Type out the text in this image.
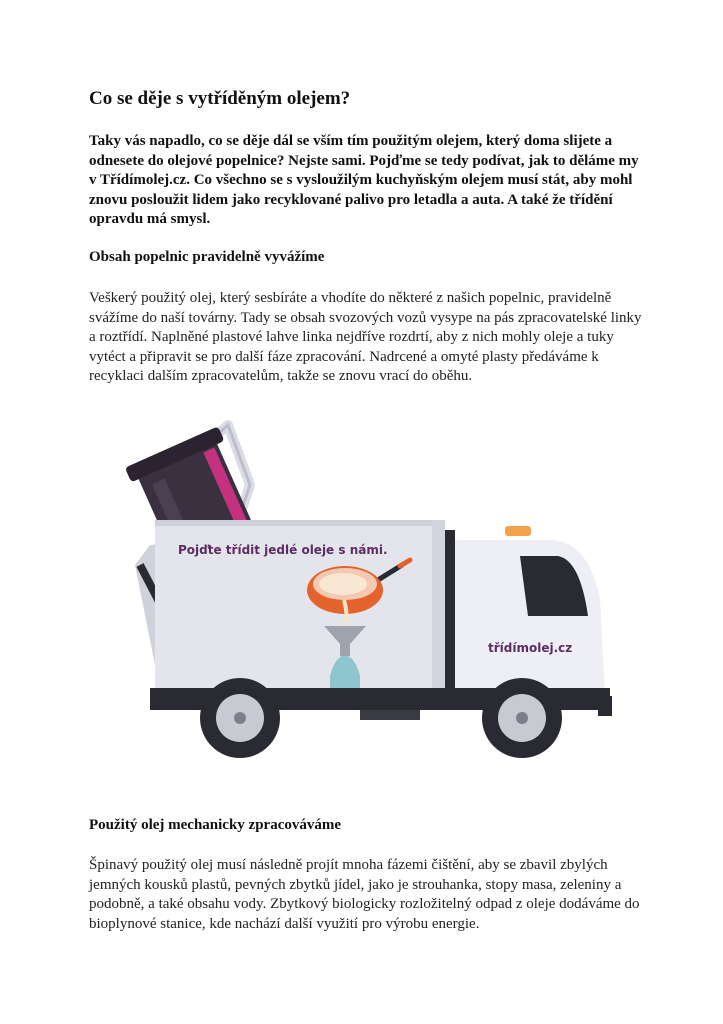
Co se děje s vytříděným olejem?

Taky vás napadlo, co se děje dál se vším tím použitým olejem, který doma slijete a odnesete do olejové popelnice? Nejste sami. Pojďme se tedy podívat, jak to děláme my v Třídímolej.cz. Co všechno se s vysloužilým kuchyňským olejem musí stát, aby mohl znovu posloužit lidem jako recyklované palivo pro letadla a auta. A také že třídění opravdu má smysl.

Obsah popelnic pravidelně vyvážíme

Veškerý použitý olej, který sesbíráte a vhodíte do některé z našich popelnic, pravidelně svážíme do naší továrny. Tady se obsah svozových vozů vysype na pás zpracovatelské linky a roztřídí. Naplněné plastové lahve linka nejdříve rozdrtí, aby z nich mohly oleje a tuky vytéct a připravit se pro další fáze zpracování. Nadrcené a omyté plasty předáváme k recyklaci dalším zpracovatelům, takže se znovu vrací do oběhu.

Pojďte třídit jedlé oleje s námi.
třídímolej.cz
Použitý olej mechanicky zpracováváme

Špinavý použitý olej musí následně projít mnoha fázemi čištění, aby se zbavil zbylých jemných kousků plastů, pevných zbytků jídel, jako je strouhanka, stopy masa, zeleniny a podobně, a také obsahu vody. Zbytkový biologicky rozložitelný odpad z oleje dodáváme do bioplynové stanice, kde nachází další využití pro výrobu energie.
